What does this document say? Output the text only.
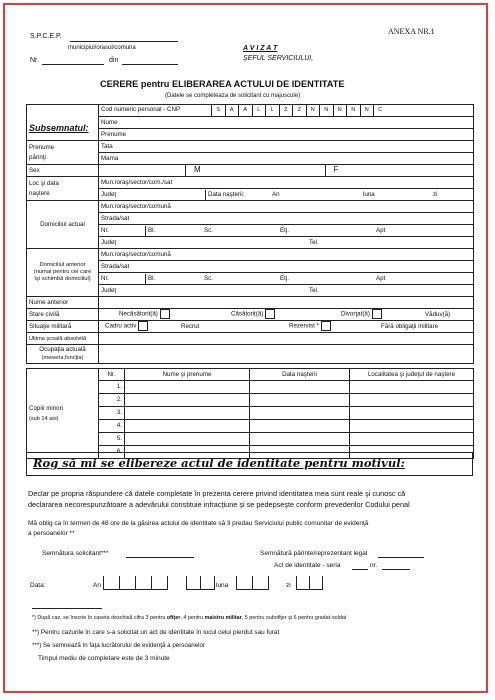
S.P.C.E.P.
municipiul/orasul/comuna
Nr.	din
ANEXA NR.1
A V I Z A T
ŞEFUL SERVICIULUI,
CERERE pentru ELIBERAREA ACTULUI DE IDENTITATE
(Datele se completeaza de solicitant cu majuscule)
	Cod numeric personal - CNP S A A L L Z Z N N N N N C
Subsemnatul:	Nume
	Prenume
Prenume
părinţi	Tata
	Mama
Sex	M F
Loc şi data
naştere	Mun./oraş/sector/com./sat
	Judeţ Data naşterii: An luna zi
Domiciliul actual	Mun./oraş/sector/comună
	Strada/sat
	Nr. Bl. Sc. Etj. Apt
	Judeţ Tel.
Domiciliul anterior
(numai pentru cei care
îşi schimbă domiciliul)	Mun./oraş/sector/comună
	Strada/sat
	Nr. Bl. Sc. Etj. Apt
	Judeţ Tel.
Nume anterior	
Stare civilă	Necăsătorit(ă) Căsătorit(ă) Divorţat(ă) Văduv(ă)
Situaţie militară	Cadru activ Recrut Rezervist * Fără obligaţii militare
Ultima şcoală absolvită	
Ocupaţia actuală
(meseria,funcţia)	
Copiii minori
(sub 14 ani)	Nr.	Nume şi prenume	Data naşterii	Localitatea şi judeţul de naştere
	1.			
	2.			
	3.			
	4.			
	5.			
	6.			
Rog să mi se elibereze actul de identitate pentru motivul:
Declar pe propria răspundere că datele completate în prezenta cerere privind identitatea mea sunt reale şi cunosc că
declararea necorespunzătoare a adevărului constituie infracţiune şi se pedepseşte conform prevederilor Codului penal
Mă oblig ca în termen de 48 ore de la găsirea actului de identitate să îl predau Serviciului public comunitar de evidenţă
a persoanelor **
Semnătura solicitant***	Semnătură părinte/reprezentant legal
Act de identitate - seria	nr.
Data:	An	luna	zi
*) După caz, se înscrie în caseta deschisă cifra 3 pentru ofiţer, 4 pentru maistru militar, 5 pentru subofiţer şi 6 pentru gradat-soldat
**) Pentru cazurile în care s-a solicitat un act de identitate în locul celui pierdut sau furat
***) Se semnează în faţa lucrătorului de evidenţă a persoanelor
Timpul mediu de completare este de 3 minute
